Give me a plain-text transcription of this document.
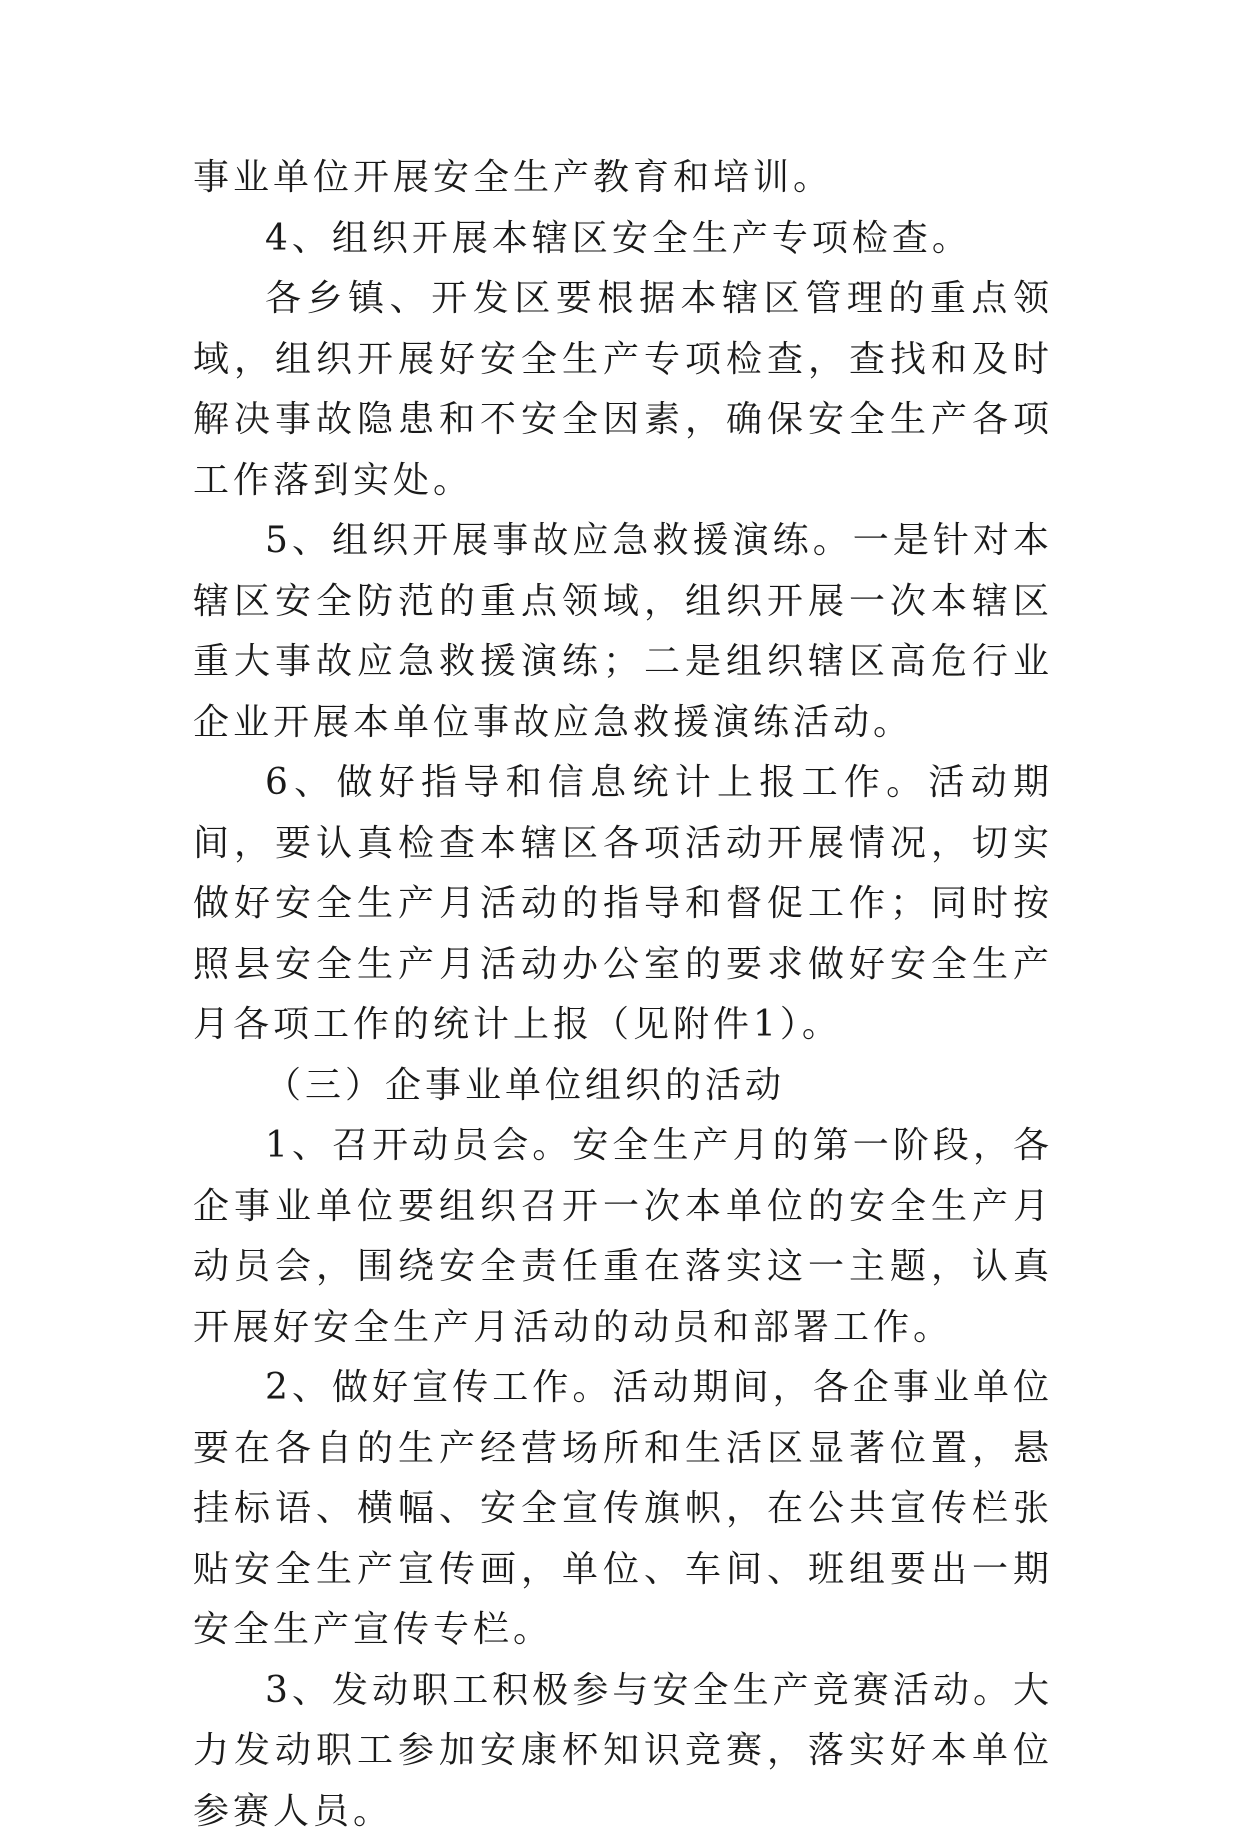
事业单位开展安全生产教育和培训。

4、组织开展本辖区安全生产专项检查。

各乡镇、开发区要根据本辖区管理的重点领域，组织开展好安全生产专项检查，查找和及时解决事故隐患和不安全因素，确保安全生产各项工作落到实处。

5、组织开展事故应急救援演练。一是针对本辖区安全防范的重点领域，组织开展一次本辖区重大事故应急救援演练；二是组织辖区高危行业企业开展本单位事故应急救援演练活动。

6、做好指导和信息统计上报工作。活动期间，要认真检查本辖区各项活动开展情况，切实做好安全生产月活动的指导和督促工作；同时按照县安全生产月活动办公室的要求做好安全生产月各项工作的统计上报（见附件1）。

（三）企事业单位组织的活动

1、召开动员会。安全生产月的第一阶段，各企事业单位要组织召开一次本单位的安全生产月动员会，围绕安全责任重在落实这一主题，认真开展好安全生产月活动的动员和部署工作。

2、做好宣传工作。活动期间，各企事业单位要在各自的生产经营场所和生活区显著位置，悬挂标语、横幅、安全宣传旗帜，在公共宣传栏张贴安全生产宣传画，单位、车间、班组要出一期安全生产宣传专栏。

3、发动职工积极参与安全生产竞赛活动。大力发动职工参加安康杯知识竞赛，落实好本单位参赛人员。
